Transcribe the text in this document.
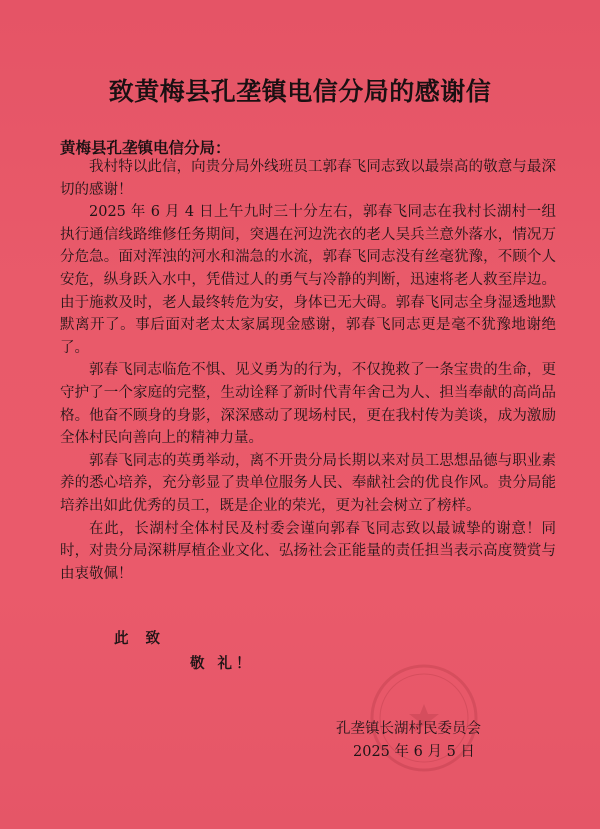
致黄梅县孔垄镇电信分局的感谢信
黄梅县孔垄镇电信分局：

我村特以此信，向贵分局外线班员工郭春飞同志致以最崇高的敬意与最深切的感谢！

2025 年 6 月 4 日上午九时三十分左右，郭春飞同志在我村长湖村一组执行通信线路维修任务期间，突遇在河边洗衣的老人吴兵兰意外落水，情况万分危急。面对浑浊的河水和湍急的水流，郭春飞同志没有丝毫犹豫，不顾个人安危，纵身跃入水中，凭借过人的勇气与冷静的判断，迅速将老人救至岸边。由于施救及时，老人最终转危为安，身体已无大碍。郭春飞同志全身湿透地默默离开了。事后面对老太太家属现金感谢，郭春飞同志更是毫不犹豫地谢绝了。

郭春飞同志临危不惧、见义勇为的行为，不仅挽救了一条宝贵的生命，更守护了一个家庭的完整，生动诠释了新时代青年舍己为人、担当奉献的高尚品格。他奋不顾身的身影，深深感动了现场村民，更在我村传为美谈，成为激励全体村民向善向上的精神力量。

郭春飞同志的英勇举动，离不开贵分局长期以来对员工思想品德与职业素养的悉心培养，充分彰显了贵单位服务人民、奉献社会的优良作风。贵分局能培养出如此优秀的员工，既是企业的荣光，更为社会树立了榜样。

在此，长湖村全体村民及村委会谨向郭春飞同志致以最诚挚的谢意！同时，对贵分局深耕厚植企业文化、弘扬社会正能量的责任担当表示高度赞赏与由衷敬佩！

此 致
敬 礼！
孔垄镇长湖村民委员会
2025 年 6 月 5 日
